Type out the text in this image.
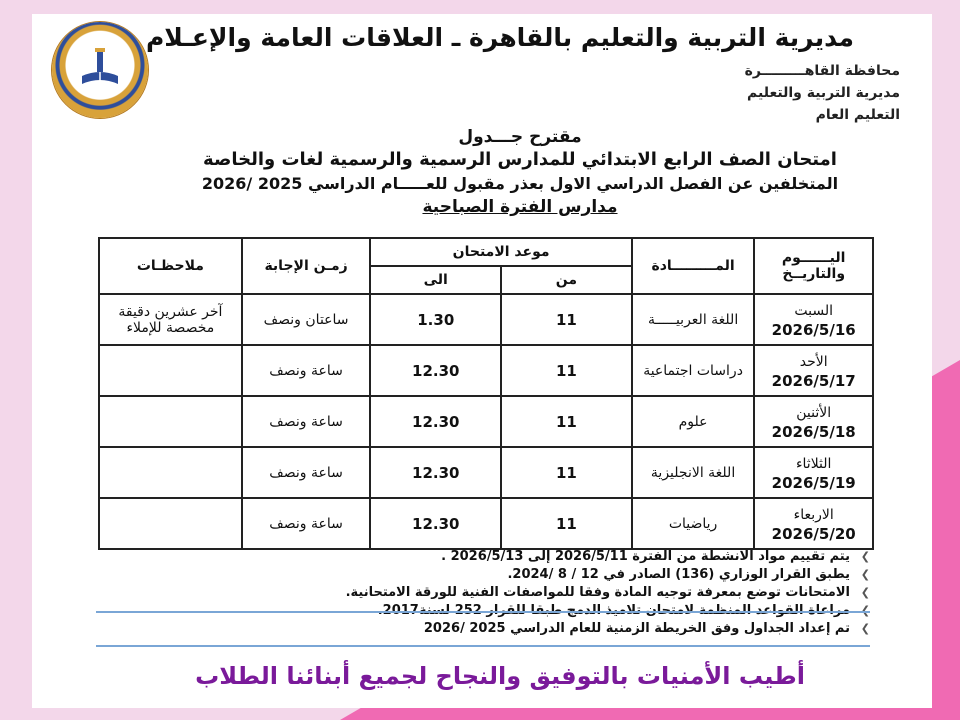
مديرية التربية والتعليم بالقاهرة ـ العلاقات العامة والإعـلام
محافظة القاهـــــــــرة
مديرية التربية والتعليم
التعليم العام
مقترح جـــدول
امتحان الصف الرابع الابتدائي للمدارس الرسمية والرسمية لغات والخاصة
المتخلفين عن الفصل الدراسي الاول بعذر مقبول للعـــــام الدراسي 2025 /2026
مدارس الفترة الصباحية
اليــــــوم والتاريــخ	المـــــــــادة	موعد الامتحان		زمـن الإجابة	ملاحظـات
		من	الى		

السبت
2026/5/16	اللغة العربيـــــة	11	1.30	ساعتان ونصف	آخر عشرين دقيقة مخصصة للإملاء

الأحد
2026/5/17	دراسات اجتماعية	11	12.30	ساعة ونصف	

الأثنين
2026/5/18	علوم	11	12.30	ساعة ونصف	

الثلاثاء
2026/5/19	اللغة الانجليزية	11	12.30	ساعة ونصف	

الاربعاء
2026/5/20	رياضيات	11	12.30	ساعة ونصف	
❯
يتم تقييم مواد الانشطة من الفترة 2026/5/11 إلى 2026/5/13 .
❯
يطبق القرار الوزاري (136) الصادر في 12 / 8 /2024.
❯
الامتحانات توضع بمعرفة توجيه المادة وفقا للمواصفات الفنية للورقة الامتحانية.
❯
تم إعداد الجداول وفق الخريطة الزمنية للعام الدراسي 2025 /2026
أطيب الأمنيات بالتوفيق والنجاح لجميع أبنائنا الطلاب
